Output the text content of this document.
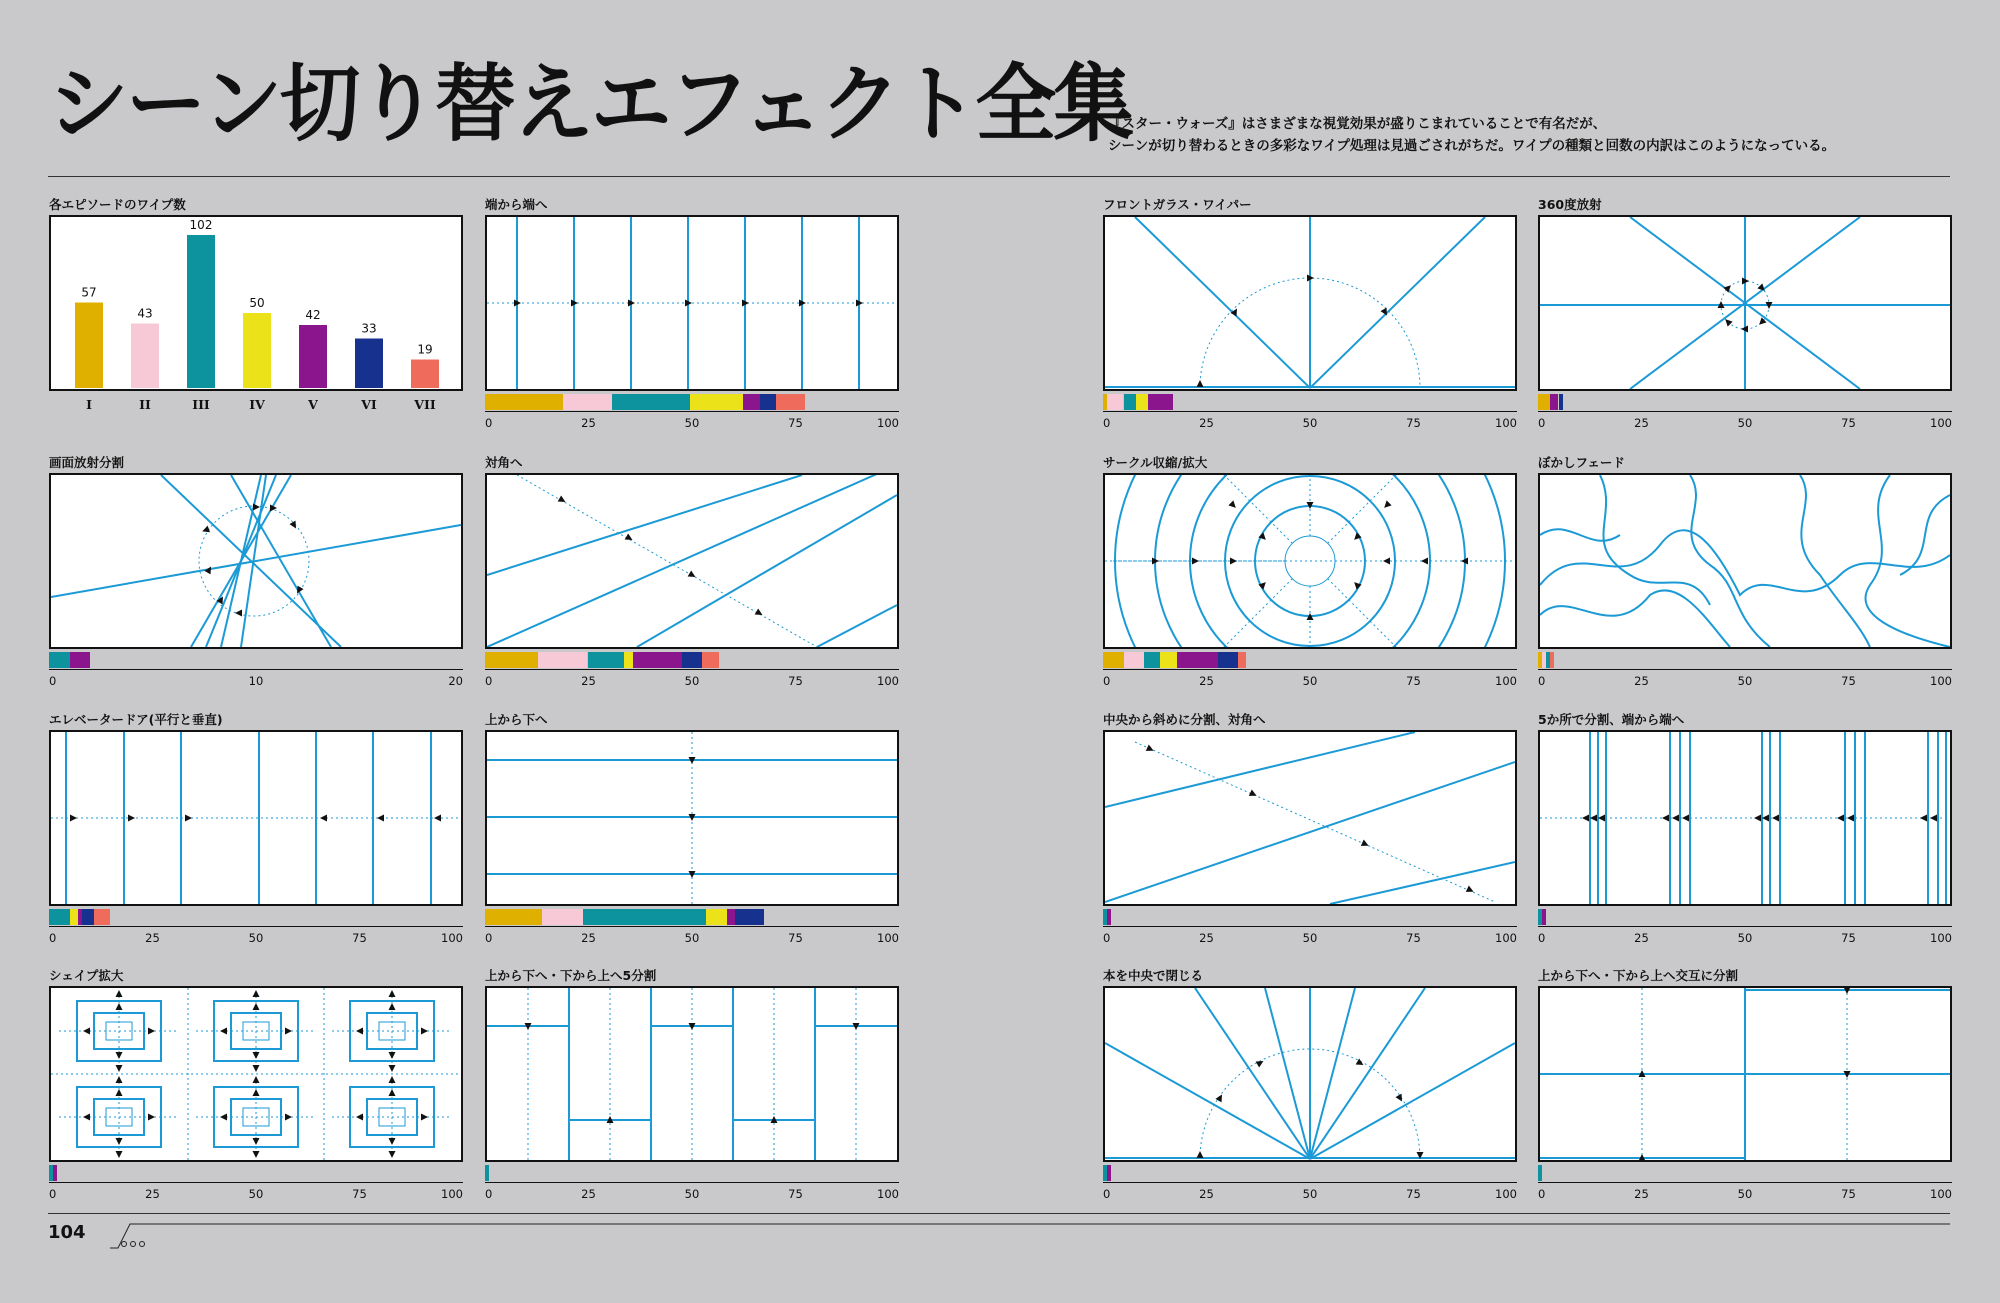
シーン切り替えエフェクト全集
『スター・ウォーズ』はさまざまな視覚効果が盛りこまれていることで有名だが、
シーンが切り替わるときの多彩なワイプ処理は見過ごされがちだ。ワイプの種類と回数の内訳はこのようになっている。
各エピソードのワイプ数
57
43
102
50
42
33
19
I	II	III	IV	V	VI	VII
端から端へ
0	25	50	75	100
フロントガラス・ワイパー
0	25	50	75	100
360度放射
0	25	50	75	100
画面放射分割
0	10	20
対角へ
0	25	50	75	100
サークル収縮/拡大
0	25	50	75	100
ぼかしフェード
0	25	50	75	100
エレベータードア(平行と垂直)
0	25	50	75	100
上から下へ
0	25	50	75	100
中央から斜めに分割、対角へ
0	25	50	75	100
5か所で分割、端から端へ
0	25	50	75	100
シェイプ拡大
0	25	50	75	100
上から下へ・下から上へ5分割
0	25	50	75	100
本を中央で閉じる
0	25	50	75	100
上から下へ・下から上へ交互に分割
0	25	50	75	100
104
